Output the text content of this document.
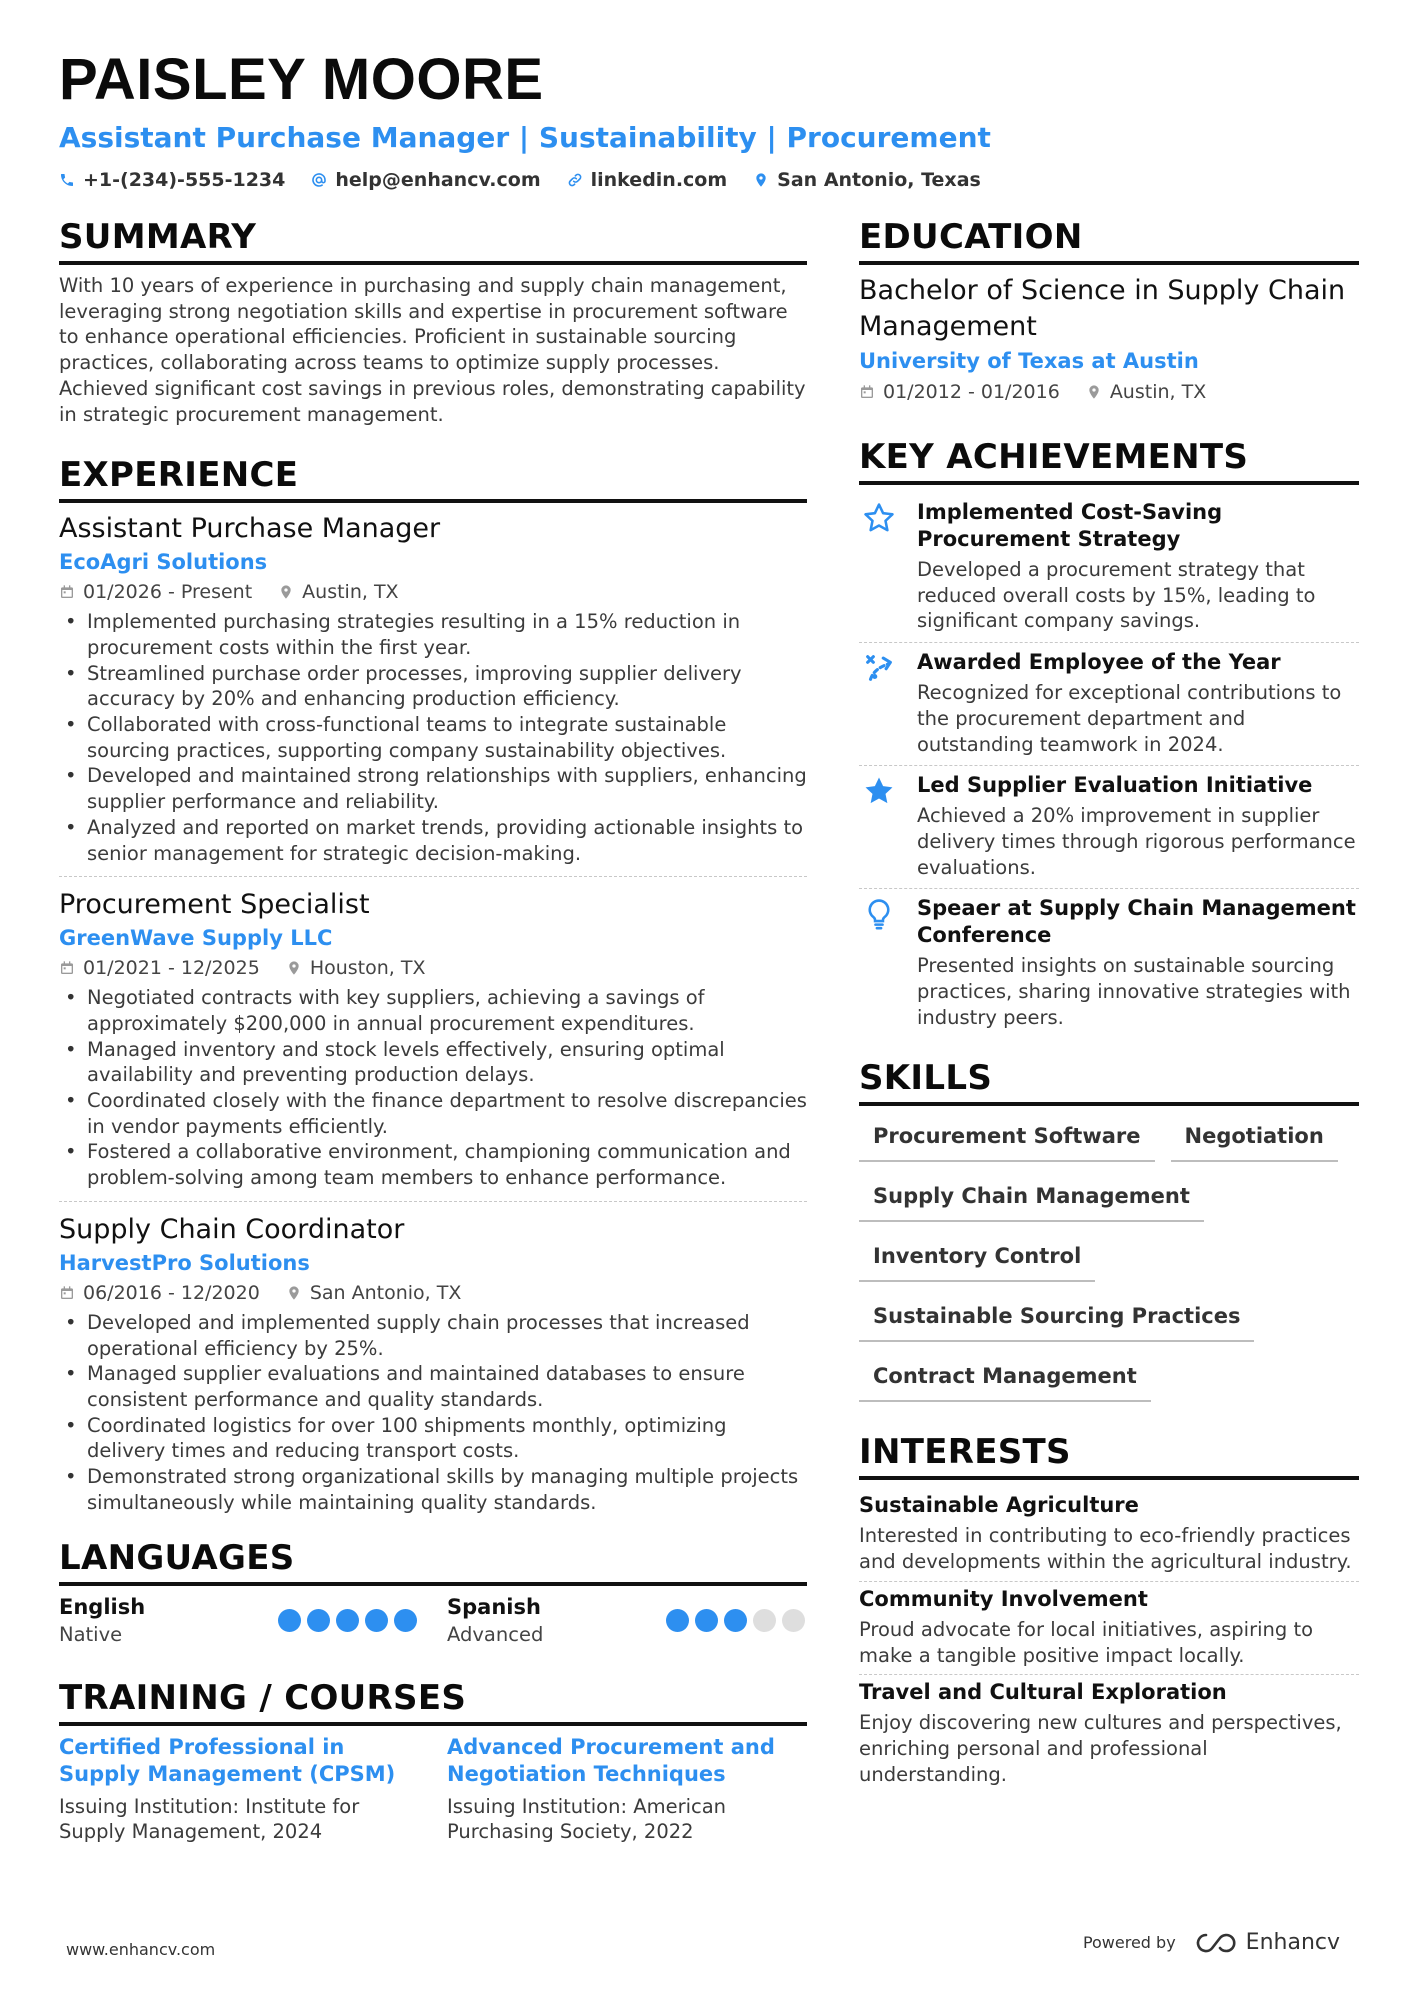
PAISLEY MOORE
Assistant Purchase Manager | Sustainability | Procurement
+1-(234)-555-1234	help@enhancv.com	linkedin.com	San Antonio, Texas
SUMMARY

With 10 years of experience in purchasing and supply chain management, leveraging strong negotiation skills and expertise in procurement software to enhance operational efficiencies. Proficient in sustainable sourcing practices, collaborating across teams to optimize supply processes. Achieved significant cost savings in previous roles, demonstrating capability in strategic procurement management.

EXPERIENCE
Assistant Purchase Manager
EcoAgri Solutions
01/2026 - Present	Austin, TX
• Implemented purchasing strategies resulting in a 15% reduction in procurement costs within the first year.
• Streamlined purchase order processes, improving supplier delivery accuracy by 20% and enhancing production efficiency.
• Collaborated with cross-functional teams to integrate sustainable sourcing practices, supporting company sustainability objectives.
• Developed and maintained strong relationships with suppliers, enhancing supplier performance and reliability.
• Analyzed and reported on market trends, providing actionable insights to senior management for strategic decision-making.
Procurement Specialist
GreenWave Supply LLC
01/2021 - 12/2025	Houston, TX
• Negotiated contracts with key suppliers, achieving a savings of approximately $200,000 in annual procurement expenditures.
• Managed inventory and stock levels effectively, ensuring optimal availability and preventing production delays.
• Coordinated closely with the finance department to resolve discrepancies in vendor payments efficiently.
• Fostered a collaborative environment, championing communication and problem-solving among team members to enhance performance.
Supply Chain Coordinator
HarvestPro Solutions
06/2016 - 12/2020	San Antonio, TX
• Developed and implemented supply chain processes that increased operational efficiency by 25%.
• Managed supplier evaluations and maintained databases to ensure consistent performance and quality standards.
• Coordinated logistics for over 100 shipments monthly, optimizing delivery times and reducing transport costs.
• Demonstrated strong organizational skills by managing multiple projects simultaneously while maintaining quality standards.
LANGUAGES
English
Native
Spanish
Advanced
TRAINING / COURSES
Certified Professional in Supply Management (CPSM)
Issuing Institution: Institute for Supply Management, 2024
Advanced Procurement and Negotiation Techniques
Issuing Institution: American Purchasing Society, 2022
EDUCATION
Bachelor of Science in Supply Chain Management
University of Texas at Austin
01/2012 - 01/2016	Austin, TX
KEY ACHIEVEMENTS
Implemented Cost-Saving Procurement Strategy
Developed a procurement strategy that reduced overall costs by 15%, leading to significant company savings.
Awarded Employee of the Year
Recognized for exceptional contributions to the procurement department and outstanding teamwork in 2024.
Led Supplier Evaluation Initiative
Achieved a 20% improvement in supplier delivery times through rigorous performance evaluations.
Speaer at Supply Chain Management Conference
Presented insights on sustainable sourcing practices, sharing innovative strategies with industry peers.
SKILLS
Procurement Software	Negotiation
Supply Chain Management
Inventory Control
Sustainable Sourcing Practices
Contract Management
INTERESTS
Sustainable Agriculture
Interested in contributing to eco-friendly practices and developments within the agricultural industry.
Community Involvement
Proud advocate for local initiatives, aspiring to make a tangible positive impact locally.
Travel and Cultural Exploration
Enjoy discovering new cultures and perspectives, enriching personal and professional understanding.
www.enhancv.com	Powered by	Enhancv
